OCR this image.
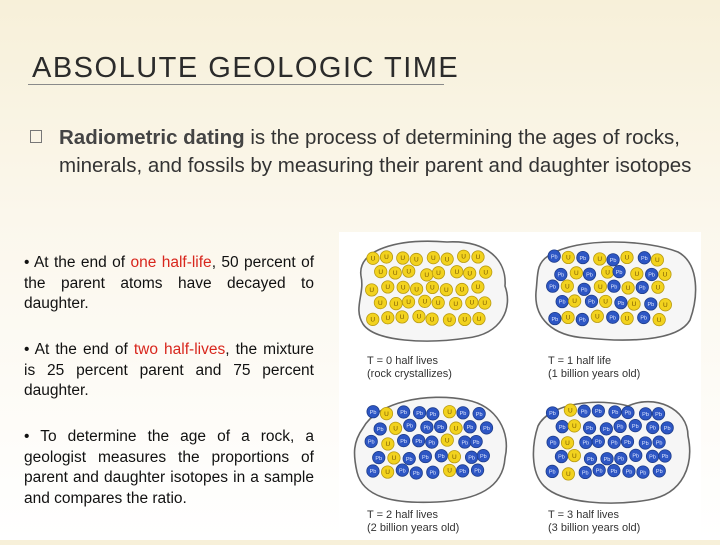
ABSOLUTE GEOLOGIC TIME
Radiometric dating is the process of determining the ages of rocks, minerals, and fossils by measuring their parent and daughter isotopes
• At the end of one half-life, 50 percent of the parent atoms have decayed to daughter.
• At the end of two half-lives, the mixture is 25 percent parent and 75 percent daughter.
• To determine the age of a rock, a geologist measures the proportions of parent and daughter isotopes in a sample and compares the ratio.
U U U U U U U U
U U U
U U U U U
U U U U U U U U
U U U U U U U U
U U U U U U U U
T = 0 half lives
(rock crystallizes)
Pb U Pb U Pb U Pb U
Pb U Pb U Pb U Pb U
Pb U
Pb U Pb U Pb U
Pb U Pb U Pb U Pb U
Pb U Pb
U Pb U Pb U
T = 1 half life
(1 billion years old)
Pb U Pb Pb Pb U Pb Pb
Pb U Pb Pb Pb U Pb Pb
Pb U Pb Pb Pb U Pb Pb
Pb U Pb Pb Pb U Pb Pb
Pb U Pb Pb Pb U Pb Pb
T = 2 half lives
(2 billion years old)
Pb U Pb Pb Pb Pb Pb Pb
Pb U Pb Pb Pb Pb Pb Pb
Pb U Pb Pb Pb Pb Pb Pb
Pb U
Pb Pb Pb
Pb Pb Pb
Pb U Pb Pb Pb Pb Pb Pb
T = 3 half lives
(3 billion years old)
